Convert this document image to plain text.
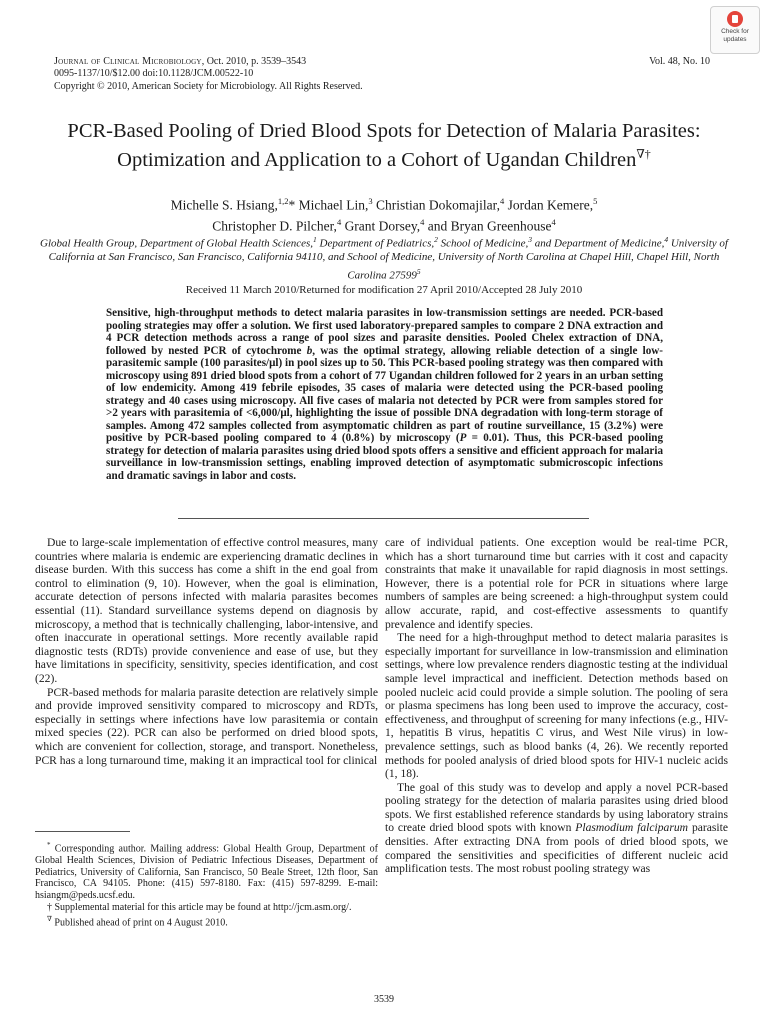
Journal of Clinical Microbiology, Oct. 2010, p. 3539–3543
0095-1137/10/$12.00 doi:10.1128/JCM.00522-10
Copyright © 2010, American Society for Microbiology. All Rights Reserved.
Vol. 48, No. 10
Check for
updates
PCR-Based Pooling of Dried Blood Spots for Detection of Malaria Parasites: Optimization and Application to a Cohort of Ugandan Children∇†
Michelle S. Hsiang,$^{1,2}$* Michael Lin,$^3$ Christian Dokomajilar,$^4$ Jordan Kemere,$^5$
Christopher D. Pilcher,$^4$ Grant Dorsey,$^4$ and Bryan Greenhouse$^4$
Global Health Group, Department of Global Health Sciences,$^1$ Department of Pediatrics,$^2$ School of Medicine,$^3$ and Department of Medicine,$^4$ University of California at San Francisco, San Francisco, California 94110, and School of Medicine, University of North Carolina at Chapel Hill, Chapel Hill, North Carolina 27599$^5$
Received 11 March 2010/Returned for modification 27 April 2010/Accepted 28 July 2010
Sensitive, high-throughput methods to detect malaria parasites in low-transmission settings are needed. PCR-based pooling strategies may offer a solution. We first used laboratory-prepared samples to compare 2 DNA extraction and 4 PCR detection methods across a range of pool sizes and parasite densities. Pooled Chelex extraction of DNA, followed by nested PCR of cytochrome b, was the optimal strategy, allowing reliable detection of a single low-parasitemic sample (100 parasites/μl) in pool sizes up to 50. This PCR-based pooling strategy was then compared with microscopy using 891 dried blood spots from a cohort of 77 Ugandan children followed for 2 years in an urban setting of low endemicity. Among 419 febrile episodes, 35 cases of malaria were detected using the PCR-based pooling strategy and 40 cases using microscopy. All five cases of malaria not detected by PCR were from samples stored for >2 years with parasitemia of <6,000/μl, highlighting the issue of possible DNA degradation with long-term storage of samples. Among 472 samples collected from asymptomatic children as part of routine surveillance, 15 (3.2%) were positive by PCR-based pooling compared to 4 (0.8%) by microscopy (P = 0.01). Thus, this PCR-based pooling strategy for detection of malaria parasites using dried blood spots offers a sensitive and efficient approach for malaria surveillance in low-transmission settings, enabling improved detection of asymptomatic submicroscopic infections and dramatic savings in labor and costs.

Due to large-scale implementation of effective control measures, many countries where malaria is endemic are experiencing dramatic declines in disease burden. With this success has come a shift in the end goal from control to elimination (9, 10). However, when the goal is elimination, accurate detection of persons infected with malaria parasites becomes essential (11). Standard surveillance systems depend on diagnosis by microscopy, a method that is technically challenging, labor-intensive, and often inaccurate in operational settings. More recently available rapid diagnostic tests (RDTs) provide convenience and ease of use, but they have limitations in specificity, sensitivity, species identification, and cost (22).

PCR-based methods for malaria parasite detection are relatively simple and provide improved sensitivity compared to microscopy and RDTs, especially in settings where infections have low parasitemia or contain mixed species (22). PCR can also be performed on dried blood spots, which are convenient for collection, storage, and transport. Nonetheless, PCR has a long turnaround time, making it an impractical tool for clinical

care of individual patients. One exception would be real-time PCR, which has a short turnaround time but carries with it cost and capacity constraints that make it unavailable for rapid diagnosis in most settings. However, there is a potential role for PCR in situations where large numbers of samples are being screened: a high-throughput system could allow accurate, rapid, and cost-effective assessments to quantify prevalence and identify species.

The need for a high-throughput method to detect malaria parasites is especially important for surveillance in low-transmission and elimination settings, where low prevalence renders diagnostic testing at the individual sample level impractical and inefficient. Detection methods based on pooled nucleic acid could provide a simple solution. The pooling of sera or plasma specimens has long been used to improve the accuracy, cost-effectiveness, and throughput of screening for many infections (e.g., HIV-1, hepatitis B virus, hepatitis C virus, and West Nile virus) in low-prevalence settings, such as blood banks (4, 26). We recently reported methods for pooled analysis of dried blood spots for HIV-1 nucleic acids (1, 18).

The goal of this study was to develop and apply a novel PCR-based pooling strategy for the detection of malaria parasites using dried blood spots. We first established reference standards by using laboratory strains to create dried blood spots with known Plasmodium falciparum parasite densities. After extracting DNA from pools of dried blood spots, we compared the sensitivities and specificities of different nucleic acid amplification tests. The most robust pooling strategy was

* Corresponding author. Mailing address: Global Health Group, Department of Global Health Sciences, Division of Pediatric Infectious Diseases, Department of Pediatrics, University of California, San Francisco, 50 Beale Street, 12th floor, San Francisco, CA 94105. Phone: (415) 597-8180. Fax: (415) 597-8299. E-mail: hsiangm@peds.ucsf.edu.

† Supplemental material for this article may be found at http://jcm.asm.org/.

∇ Published ahead of print on 4 August 2010.

3539
